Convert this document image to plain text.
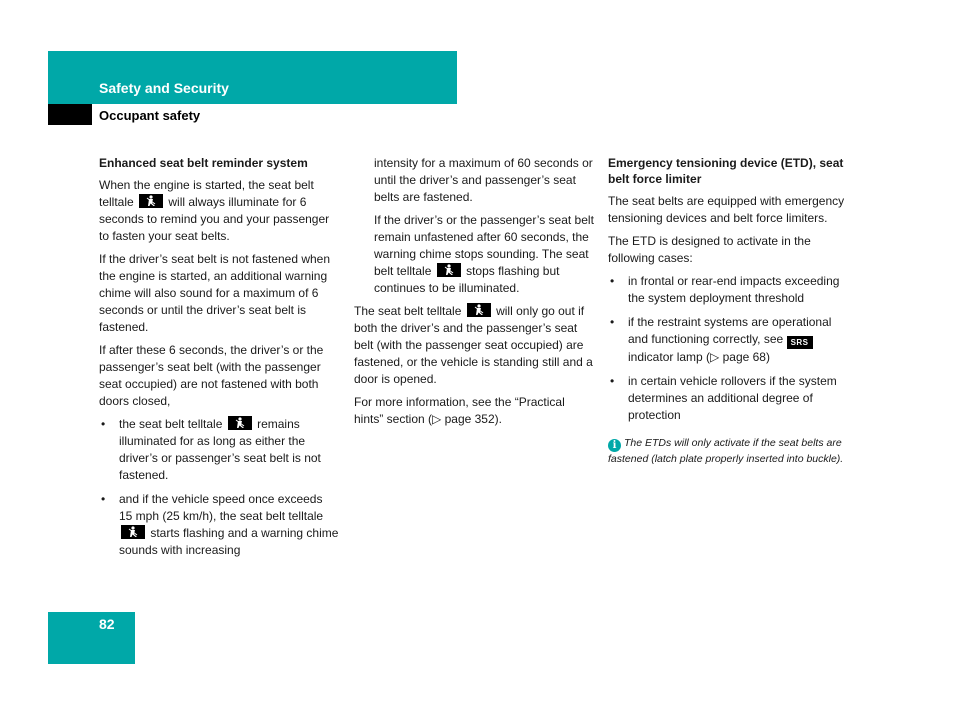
Safety and Security
Occupant safety
Enhanced seat belt reminder system

When the engine is started, the seat belt telltale	will always illuminate for 6 seconds to remind you and your passenger to fasten your seat belts.

If the driver’s seat belt is not fastened when the engine is started, an additional warning chime will also sound for a maximum of 6 seconds or until the driver’s seat belt is fastened.

If after these 6 seconds, the driver’s or the passenger’s seat belt (with the passenger seat occupied) are not fastened with both doors closed,

• the seat belt telltale	remains illuminated for as long as either the driver’s or passenger’s seat belt is not fastened.
• and if the vehicle speed once exceeds 15 mph (25 km/h), the seat belt telltale
starts flashing and a warning chime sounds with increasing

intensity for a maximum of 60 seconds or until the driver’s and passenger’s seat belts are fastened.

If the driver’s or the passenger’s seat belt remain unfastened after 60 seconds, the warning chime stops sounding. The seat belt telltale	stops flashing but continues to be illuminated.

The seat belt telltale	will only go out if both the driver’s and the passenger’s seat belt (with the passenger seat occupied) are fastened, or the vehicle is standing still and a door is opened.

For more information, see the “Practical hints” section (▷ page 352).

Emergency tensioning device (ETD), seat belt force limiter

The seat belts are equipped with emergency tensioning devices and belt force limiters.

The ETD is designed to activate in the following cases:

• in frontal or rear-end impacts exceeding the system deployment threshold
• if the restraint systems are operational and functioning correctly, see SRSindicator lamp (▷ page 68)
• in certain vehicle rollovers if the system determines an additional degree of protection
i The ETDs will only activate if the seat belts are fastened (latch plate properly inserted into buckle).
82
